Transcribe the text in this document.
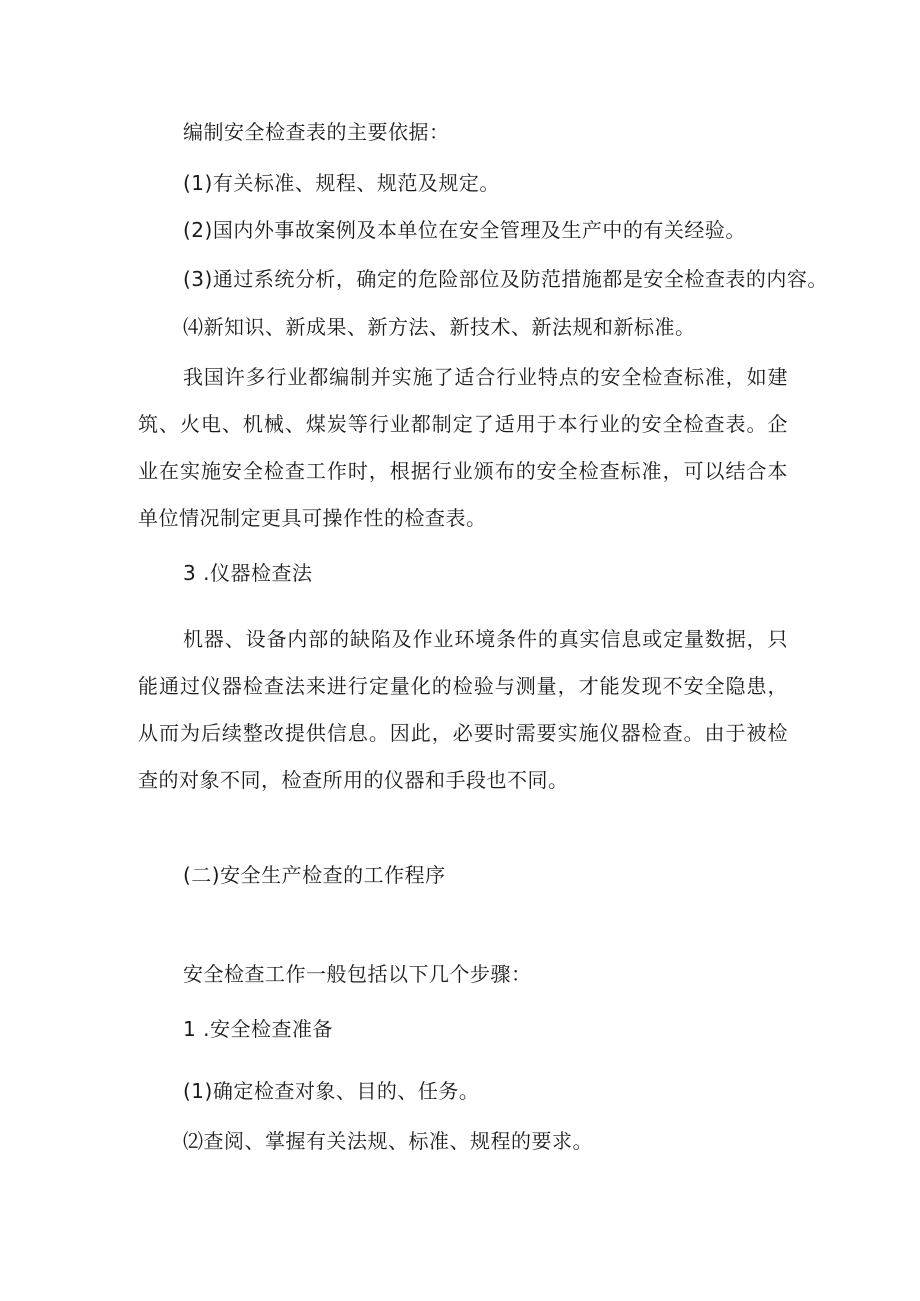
编制安全检查表的主要依据：
(1)有关标准、规程、规范及规定。
(2)国内外事故案例及本单位在安全管理及生产中的有关经验。
(3)通过系统分析，确定的危险部位及防范措施都是安全检查表的内容。
⑷新知识、新成果、新方法、新技术、新法规和新标准。
我国许多行业都编制并实施了适合行业特点的安全检查标准，如建筑、火电、机械、煤炭等行业都制定了适用于本行业的安全检查表。企业在实施安全检查工作时，根据行业颁布的安全检查标准，可以结合本单位情况制定更具可操作性的检查表。
3 .仪器检查法
机器、设备内部的缺陷及作业环境条件的真实信息或定量数据，只能通过仪器检查法来进行定量化的检验与测量，才能发现不安全隐患，从而为后续整改提供信息。因此，必要时需要实施仪器检查。由于被检查的对象不同，检查所用的仪器和手段也不同。
(二)安全生产检查的工作程序
安全检查工作一般包括以下几个步骤：
1 .安全检查准备
(1)确定检查对象、目的、任务。
⑵查阅、掌握有关法规、标准、规程的要求。
